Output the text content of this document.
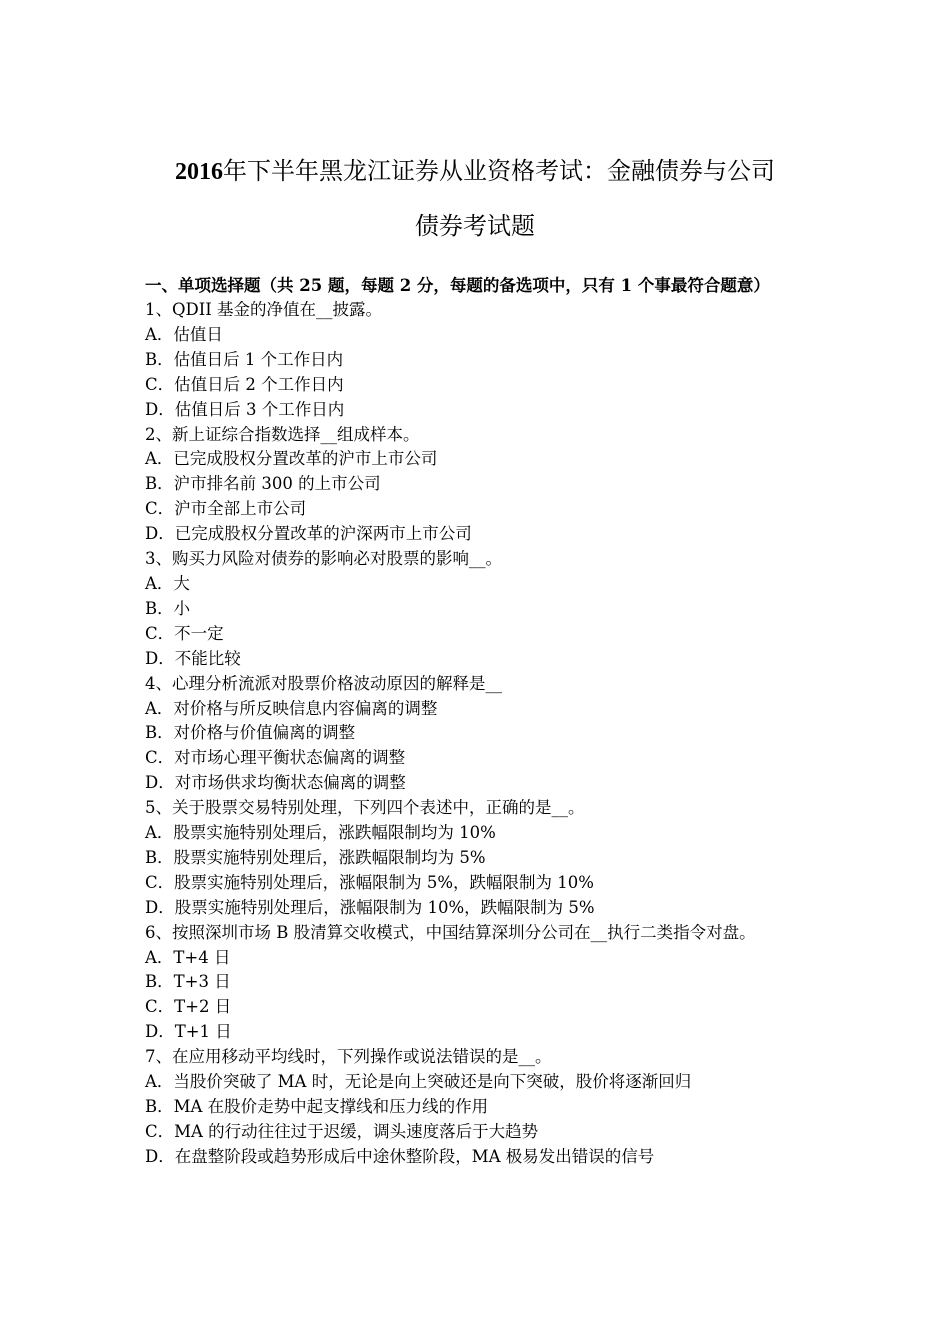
2016年下半年黑龙江证券从业资格考试：金融债券与公司
债券考试题

一、单项选择题（共 25 题，每题 2 分，每题的备选项中，只有 1 个事最符合题意）

1、QDII 基金的净值在__披露。
A．估值日
B．估值日后 1 个工作日内
C．估值日后 2 个工作日内
D．估值日后 3 个工作日内
2、新上证综合指数选择__组成样本。
A．已完成股权分置改革的沪市上市公司
B．沪市排名前 300 的上市公司
C．沪市全部上市公司
D．已完成股权分置改革的沪深两市上市公司
3、购买力风险对债券的影响必对股票的影响__。
A．大
B．小
C．不一定
D．不能比较
4、心理分析流派对股票价格波动原因的解释是__
A．对价格与所反映信息内容偏离的调整
B．对价格与价值偏离的调整
C．对市场心理平衡状态偏离的调整
D．对市场供求均衡状态偏离的调整
5、关于股票交易特别处理，下列四个表述中，正确的是__。
A．股票实施特别处理后，涨跌幅限制均为 10%
B．股票实施特别处理后，涨跌幅限制均为 5%
C．股票实施特别处理后，涨幅限制为 5%，跌幅限制为 10%
D．股票实施特别处理后，涨幅限制为 10%，跌幅限制为 5%
6、按照深圳市场 B 股清算交收模式，中国结算深圳分公司在__执行二类指令对盘。
A．T+4 日
B．T+3 日
C．T+2 日
D．T+1 日
7、在应用移动平均线时，下列操作或说法错误的是__。
A．当股价突破了 MA 时，无论是向上突破还是向下突破，股价将逐渐回归
B．MA 在股价走势中起支撑线和压力线的作用
C．MA 的行动往往过于迟缓，调头速度落后于大趋势
D．在盘整阶段或趋势形成后中途休整阶段，MA 极易发出错误的信号
